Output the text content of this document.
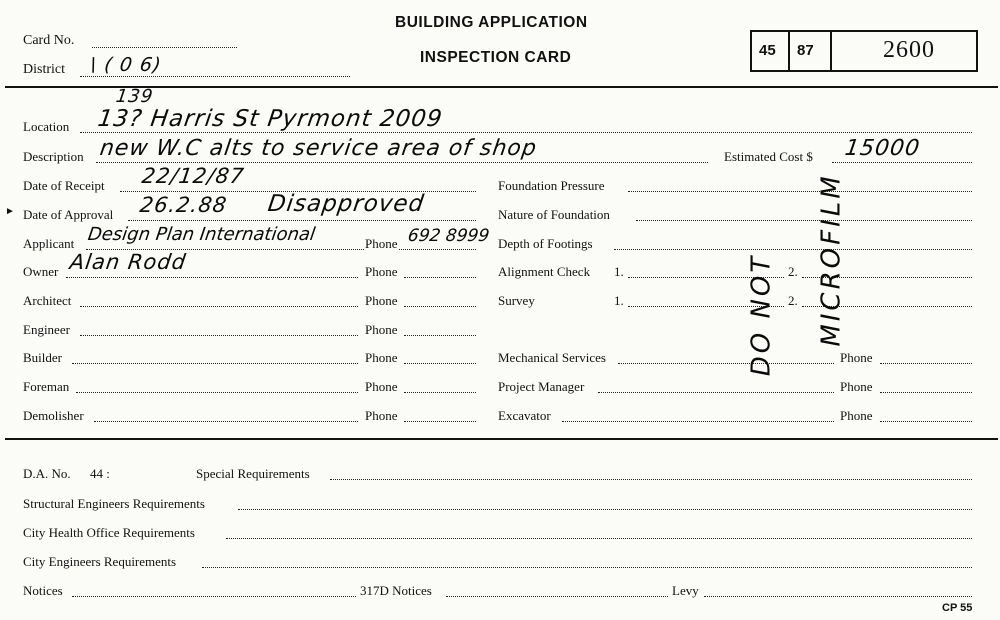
Card No.
District \ ( 0 6)
BUILDING APPLICATION
INSPECTION CARD	45 87	2600
139
Location 13? Harris St Pyrmont 2009
Description new W.C alts to service area of shop	Estimated Cost $ 15000
Date of Receipt 22/12/87
► Date of Approval 26.2.88 Disapproved
Applicant Design Plan International	Phone 692 8999
Owner Alan Rodd	Phone
Architect	Phone
Engineer	Phone
Builder	Phone
Foreman	Phone
Demolisher	Phone
Foundation Pressure
Nature of Foundation
Depth of Footings
Alignment Check 1.	2.
Survey	1.	2.
Mechanical Services	Phone
Project Manager	Phone
Excavator	Phone
DO NOT MICROFILM
D.A. No. 44 :	Special Requirements
Structural Engineers Requirements
City Health Office Requirements
City Engineers Requirements
Notices	317D Notices	Levy
CP 55
